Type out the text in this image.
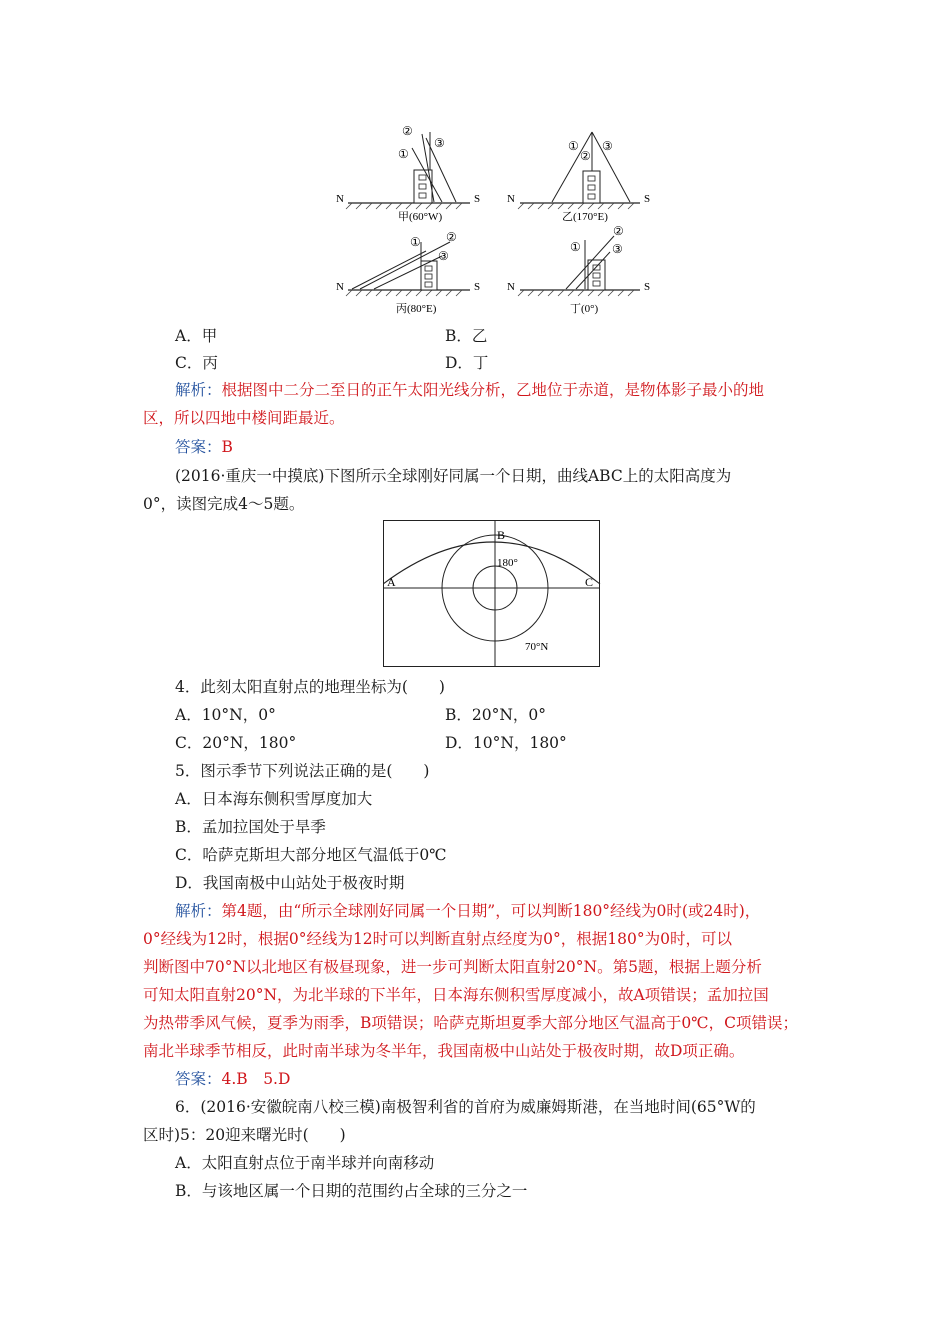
②
①
③
N	S
甲(60°W)
①
②
③
N	S
乙(170°E)
① ②
③
N	S
丙(80°E)
①
②
③
N	S
丁(0°)
A．甲	B．乙
C．丙	D．丁
解析：根据图中二分二至日的正午太阳光线分析，乙地位于赤道，是物体影子最小的地
区，所以四地中楼间距最近。
答案：B
(2016·重庆一中摸底)下图所示全球刚好同属一个日期，曲线ABC上的太阳高度为
0°，读图完成4～5题。
A
B
C
180°
70°N
4．此刻太阳直射点的地理坐标为(　　)
A．10°N，0°	B．20°N，0°
C．20°N，180°	D．10°N，180°
5．图示季节下列说法正确的是(　　)
A．日本海东侧积雪厚度加大
B．孟加拉国处于旱季
C．哈萨克斯坦大部分地区气温低于0℃
D．我国南极中山站处于极夜时期
解析：第4题，由“所示全球刚好同属一个日期”，可以判断180°经线为0时(或24时)，
0°经线为12时，根据0°经线为12时可以判断直射点经度为0°，根据180°为0时，可以
判断图中70°N以北地区有极昼现象，进一步可判断太阳直射20°N。第5题，根据上题分析
可知太阳直射20°N，为北半球的下半年，日本海东侧积雪厚度减小，故A项错误；孟加拉国
为热带季风气候，夏季为雨季，B项错误；哈萨克斯坦夏季大部分地区气温高于0℃，C项错误；
南北半球季节相反，此时南半球为冬半年，我国南极中山站处于极夜时期，故D项正确。
答案：4.B　5.D
6．(2016·安徽皖南八校三模)南极智利省的首府为威廉姆斯港，在当地时间(65°W的
区时)5：20迎来曙光时(　　)
A．太阳直射点位于南半球并向南移动
B．与该地区属一个日期的范围约占全球的三分之一
